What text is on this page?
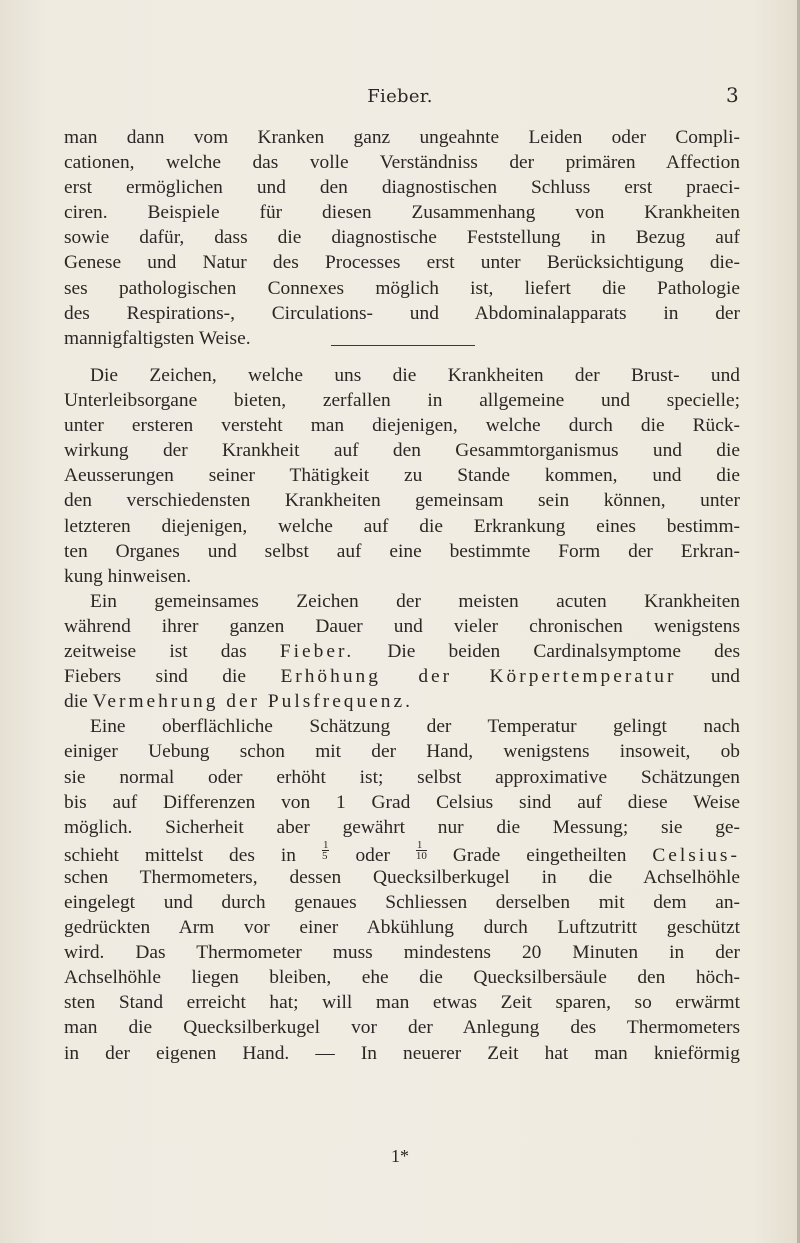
Fieber.	3
man dann vom Kranken ganz ungeahnte Leiden oder Compli-
cationen, welche das volle Verständniss der primären Affection
erst ermöglichen und den diagnostischen Schluss erst praeci-
ciren. Beispiele für diesen Zusammenhang von Krankheiten
sowie dafür, dass die diagnostische Feststellung in Bezug auf
Genese und Natur des Processes erst unter Berücksichtigung die-
ses pathologischen Connexes möglich ist, liefert die Pathologie
des Respirations-, Circulations- und Abdominalapparats in der
mannigfaltigsten Weise.
Die Zeichen, welche uns die Krankheiten der Brust- und
Unterleibsorgane bieten, zerfallen in allgemeine und specielle;
unter ersteren versteht man diejenigen, welche durch die Rück-
wirkung der Krankheit auf den Gesammtorganismus und die
Aeusserungen seiner Thätigkeit zu Stande kommen, und die
den verschiedensten Krankheiten gemeinsam sein können, unter
letzteren diejenigen, welche auf die Erkrankung eines bestimm-
ten Organes und selbst auf eine bestimmte Form der Erkran-
kung hinweisen.
Ein gemeinsames Zeichen der meisten acuten Krankheiten
während ihrer ganzen Dauer und vieler chronischen wenigstens
zeitweise ist das Fieber. Die beiden Cardinalsymptome des
Fiebers sind die Erhöhung der Körpertemperatur und
die Vermehrung der Pulsfrequenz.
Eine oberflächliche Schätzung der Temperatur gelingt nach
einiger Uebung schon mit der Hand, wenigstens insoweit, ob
sie normal oder erhöht ist; selbst approximative Schätzungen
bis auf Differenzen von 1 Grad Celsius sind auf diese Weise
möglich. Sicherheit aber gewährt nur die Messung; sie ge-
schieht mittelst des in $\frac{1}{5}$ oder $\frac{1}{10}$ Grade eingetheilten Celsius-
schen Thermometers, dessen Quecksilberkugel in die Achselhöhle
eingelegt und durch genaues Schliessen derselben mit dem an-
gedrückten Arm vor einer Abkühlung durch Luftzutritt geschützt
wird. Das Thermometer muss mindestens 20 Minuten in der
Achselhöhle liegen bleiben, ehe die Quecksilbersäule den höch-
sten Stand erreicht hat; will man etwas Zeit sparen, so erwärmt
man die Quecksilberkugel vor der Anlegung des Thermometers
in der eigenen Hand. — In neuerer Zeit hat man knieförmig
1*
